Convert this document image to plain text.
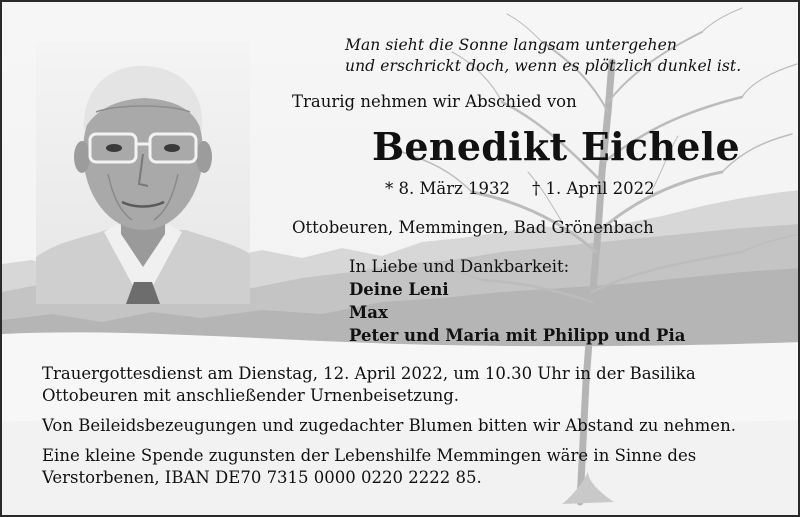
Man sieht die Sonne langsam untergehen
und erschrickt doch, wenn es plötzlich dunkel ist.
Traurig nehmen wir Abschied von
Benedikt Eichele
* 8. März 1932 † 1. April 2022
Ottobeuren, Memmingen, Bad Grönenbach
In Liebe und Dankbarkeit:
Deine Leni
Max
Peter und Maria mit Philipp und Pia
Trauergottesdienst am Dienstag, 12. April 2022, um 10.30 Uhr in der Basilika
Ottobeuren mit anschließender Urnenbeisetzung.
Von Beileidsbezeugungen und zugedachter Blumen bitten wir Abstand zu nehmen.
Eine kleine Spende zugunsten der Lebenshilfe Memmingen wäre in Sinne des
Verstorbenen, IBAN DE70 7315 0000 0220 2222 85.
